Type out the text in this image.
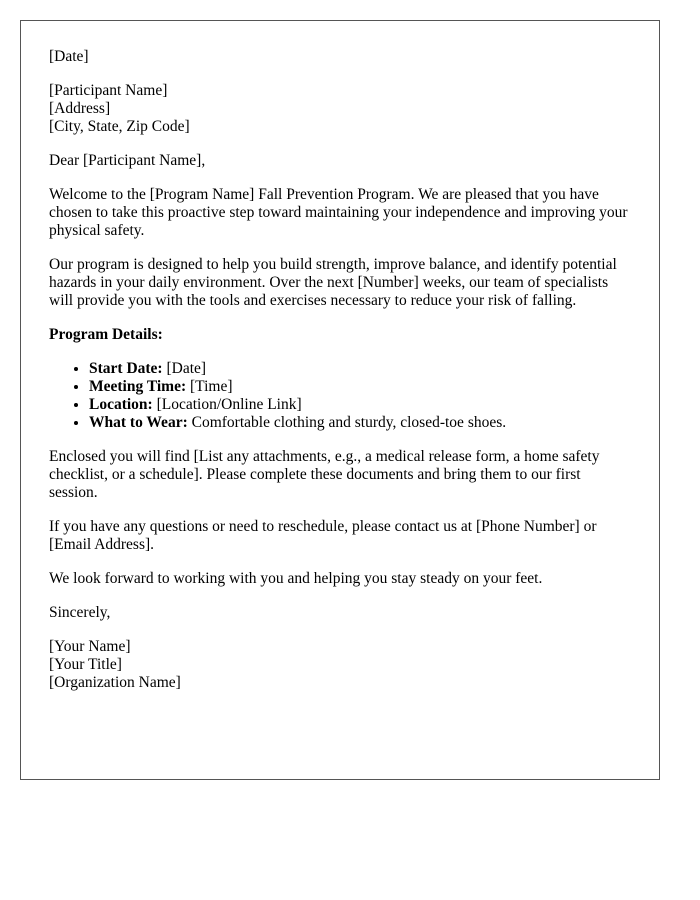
[Date]

[Participant Name]
[Address]
[City, State, Zip Code]

Dear [Participant Name],

Welcome to the [Program Name] Fall Prevention Program. We are pleased that you have chosen to take this proactive step toward maintaining your independence and improving your physical safety.

Our program is designed to help you build strength, improve balance, and identify potential hazards in your daily environment. Over the next [Number] weeks, our team of specialists will provide you with the tools and exercises necessary to reduce your risk of falling.

Program Details:
• Start Date: [Date]
• Meeting Time: [Time]
• Location: [Location/Online Link]
• What to Wear: Comfortable clothing and sturdy, closed-toe shoes.

Enclosed you will find [List any attachments, e.g., a medical release form, a home safety checklist, or a schedule]. Please complete these documents and bring them to our first session.

If you have any questions or need to reschedule, please contact us at [Phone Number] or [Email Address].

We look forward to working with you and helping you stay steady on your feet.

Sincerely,

[Your Name]
[Your Title]
[Organization Name]
